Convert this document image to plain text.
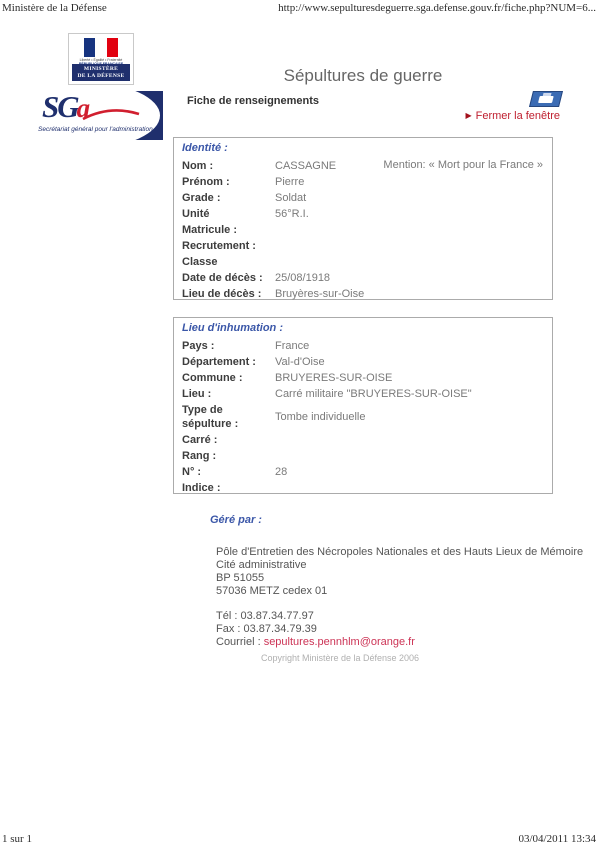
Ministère de la Défense	http://www.sepulturesdeguerre.sga.defense.gouv.fr/fiche.php?NUM=6...
Liberté • Égalité • Fraternité
MINISTÈRE
DE LA DÉFENSE	Sépultures de guerre
Fiche de renseignements
▶ Fermer la fenêtre
SGa
Secrétariat général pour l'administration
Identité :
Mention: « Mort pour la France »
Nom :	CASSAGNE
Prénom :	Pierre
Grade :	Soldat
Unité	56°R.I.
Matricule :
Recrutement :
Classe
Date de décès :	25/08/1918
Lieu de décès :	Bruyères-sur-Oise
Lieu d'inhumation :
Pays :	France
Département :	Val-d'Oise
Commune :	BRUYERES-SUR-OISE
Lieu :	Carré militaire "BRUYERES-SUR-OISE"
Type de sépulture :
Tombe individuelle
Carré :
Rang :
N° :	28
Indice :
Géré par :
Pôle d'Entretien des Nécropoles Nationales et des Hauts Lieux de Mémoire
Cité administrative
BP 51055
57036 METZ cedex 01
Tél : 03.87.34.77.97
Fax : 03.87.34.79.39
Courriel : sepultures.pennhlm@orange.fr
Copyright Ministère de la Défense 2006
1 sur 1	03/04/2011 13:34
